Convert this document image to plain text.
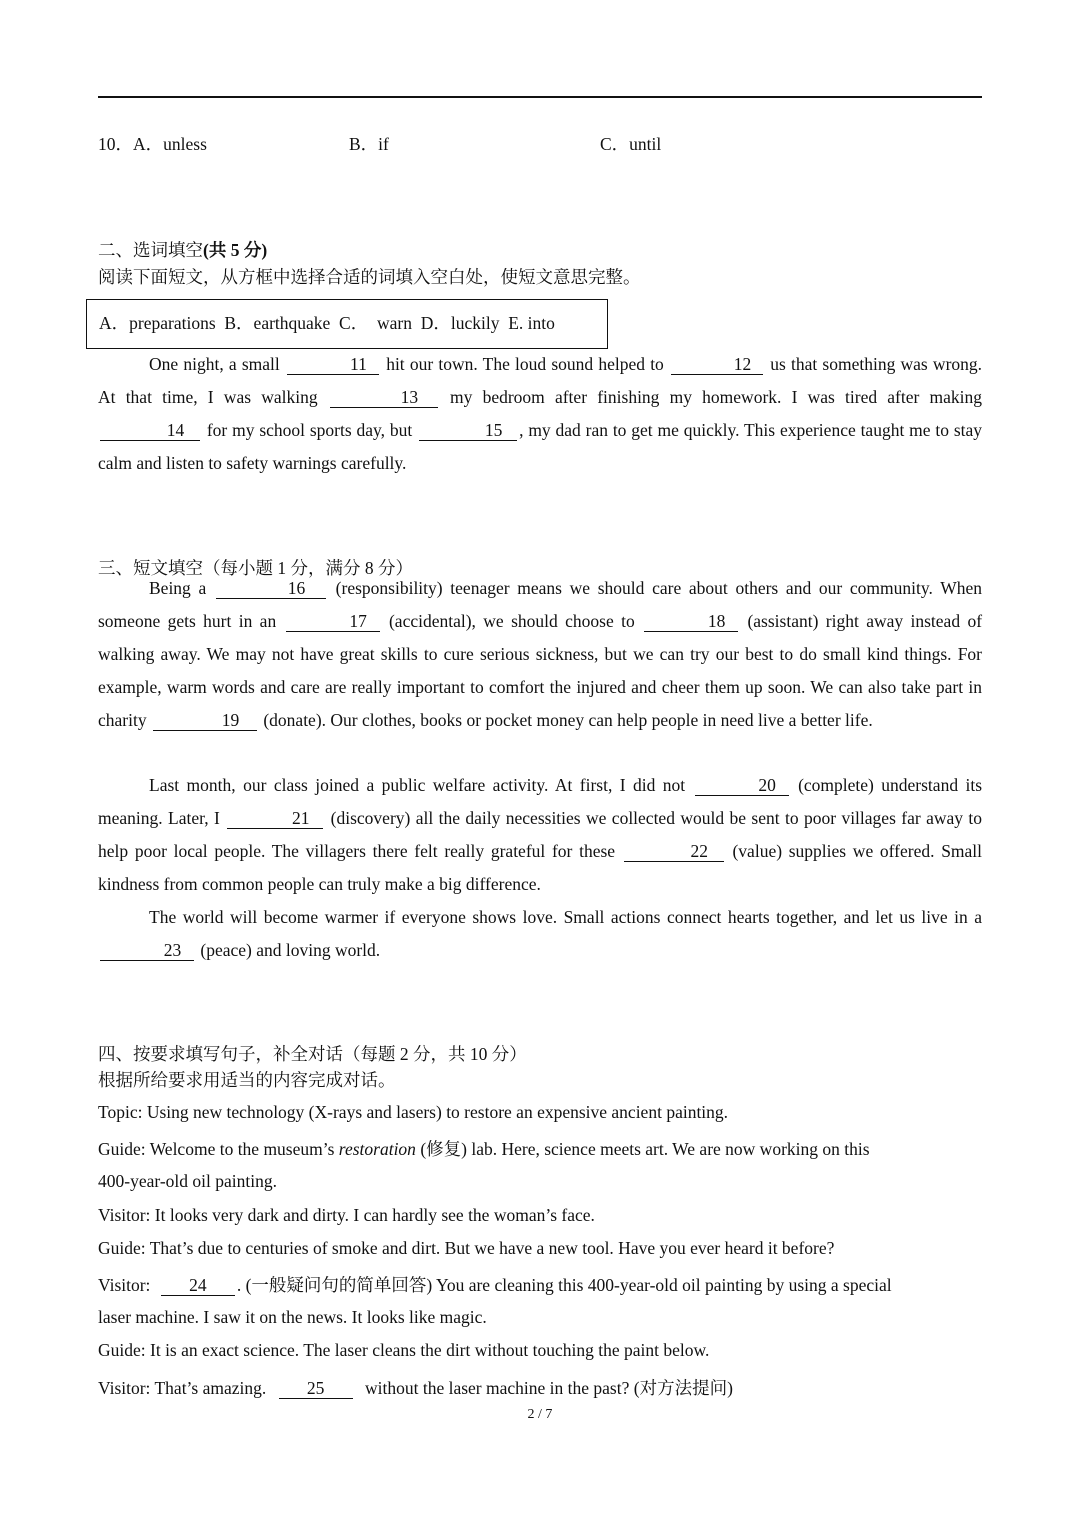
10．A．unless	B．if	C．until
二、选词填空(共 5 分)
阅读下面短文，从方框中选择合适的词填入空白处，使短文意思完整。
A．preparations  B．earthquake  C．  warn  D．luckily  E. into

One night, a small	11 hit our town. The loud sound helped to	12 us that something was wrong. At that time, I was walking	13 my bedroom after finishing my homework. I was tired after making 14 for my school sports day, but	15 , my dad ran to get me quickly. This experience taught me to stay calm and listen to safety warnings carefully.

三、短文填空（每小题 1 分，满分 8 分）

Being a	16 (responsibility) teenager means we should care about others and our community. When someone gets hurt in an	17 (accidental), we should choose to	18 (assistant) right away instead of walking away. We may not have great skills to cure serious sickness, but we can try our best to do small kind things. For example, warm words and care are really important to comfort the injured and cheer them up soon. We can also take part in charity	19 (donate). Our clothes, books or pocket money can help people in need live a better life.

Last month, our class joined a public welfare activity. At first, I did not	20 (complete) understand its meaning. Later, I	21 (discovery) all the daily necessities we collected would be sent to poor villages far away to help poor local people. The villagers there felt really grateful for these	22 (value) supplies we offered. Small kindness from common people can truly make a big difference.

The world will become warmer if everyone shows love. Small actions connect hearts together, and let us live in a 23 (peace) and loving world.

四、按要求填写句子，补全对话（每题 2 分，共 10 分）
根据所给要求用适当的内容完成对话。
Topic: Using new technology (X-rays and lasers) to restore an expensive ancient painting.
Guide: Welcome to the museum’s restoration (修复) lab. Here, science meets art. We are now working on this
400-year-old oil painting.
Visitor: It looks very dark and dirty. I can hardly see the woman’s face.
Guide: That’s due to centuries of smoke and dirt. But we have a new tool. Have you ever heard it before?
Visitor: 24 . (一般疑问句的简单回答) You are cleaning this 400-year-old oil painting by using a special
laser machine. I saw it on the news. It looks like magic.
Guide: It is an exact science. The laser cleans the dirt without touching the paint below.
Visitor: That’s amazing. 25 without the laser machine in the past? (对方法提问)
2 / 7
